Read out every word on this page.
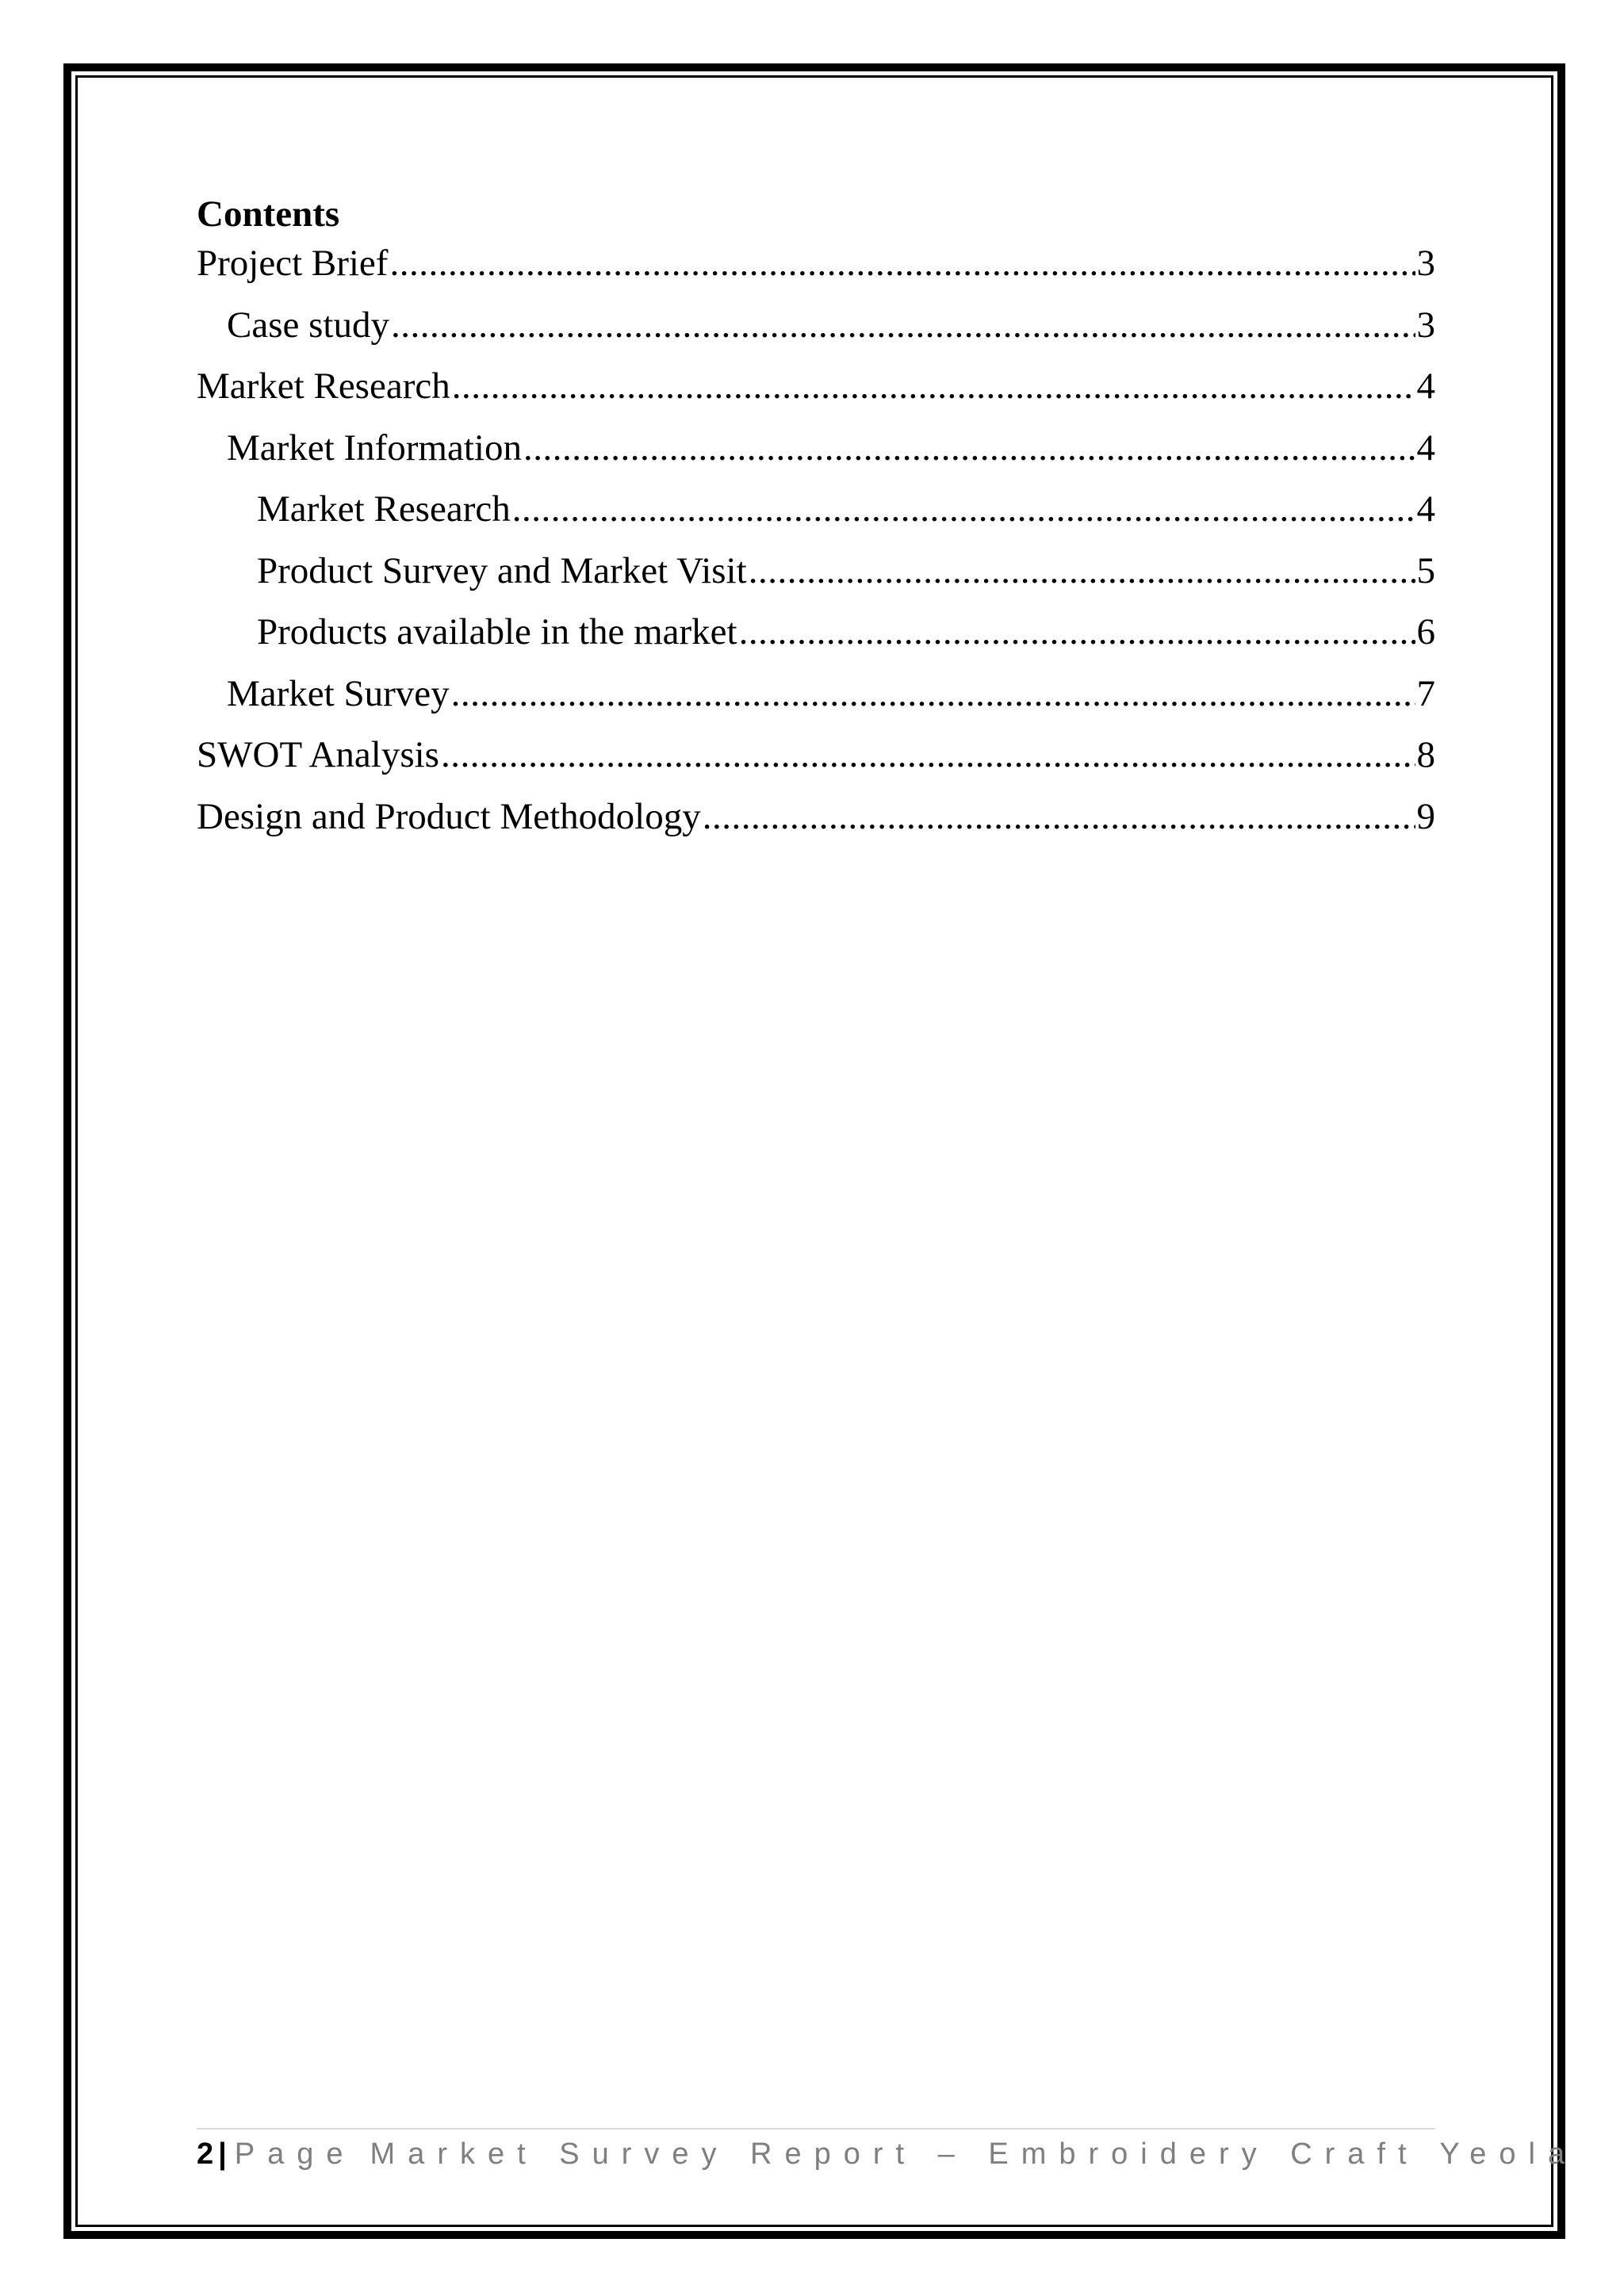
Contents
Project Brief .....	3
Case study .....	3
Market Research .....	4
Market Information .....	4
Market Research .....	4
Product Survey and Market Visit .....	5
Products available in the market .....	6
Market Survey .....	7
SWOT Analysis .....	8
Design and Product Methodology .....	9
2 | Page Market Survey Report – Embroidery Craft Yeola
